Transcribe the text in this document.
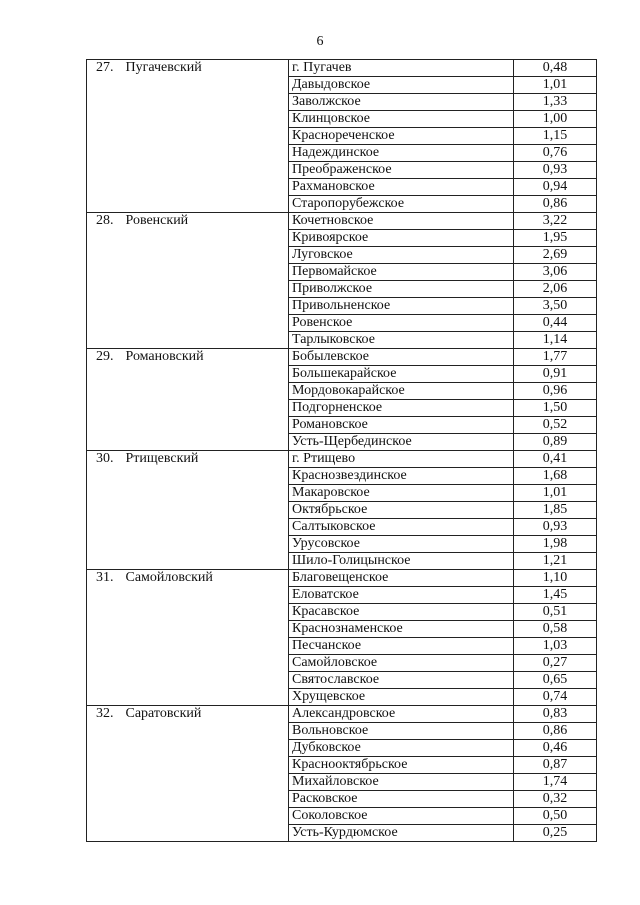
6
27.	Пугачевский	г. Пугачев	0,48
		Давыдовское	1,01
		Заволжское	1,33
		Клинцовское	1,00
		Краснореченское	1,15
		Надеждинское	0,76
		Преображенское	0,93
		Рахмановское	0,94
		Старопорубежское	0,86
28.	Ровенский	Кочетновское	3,22
		Кривоярское	1,95
		Луговское	2,69
		Первомайское	3,06
		Приволжское	2,06
		Привольненское	3,50
		Ровенское	0,44
		Тарлыковское	1,14
29.	Романовский	Бобылевское	1,77
		Большекарайское	0,91
		Мордовокарайское	0,96
		Подгорненское	1,50
		Романовское	0,52
		Усть-Щербединское	0,89
30.	Ртищевский	г. Ртищево	0,41
		Краснозвездинское	1,68
		Макаровское	1,01
		Октябрьское	1,85
		Салтыковское	0,93
		Урусовское	1,98
		Шило-Голицынское	1,21
31.	Самойловский	Благовещенское	1,10
		Еловатское	1,45
		Красавское	0,51
		Краснознаменское	0,58
		Песчанское	1,03
		Самойловское	0,27
		Святославское	0,65
		Хрущевское	0,74
32.	Саратовский	Александровское	0,83
		Вольновское	0,86
		Дубковское	0,46
		Краснооктябрьское	0,87
		Михайловское	1,74
		Расковское	0,32
		Соколовское	0,50
		Усть-Курдюмское	0,25
